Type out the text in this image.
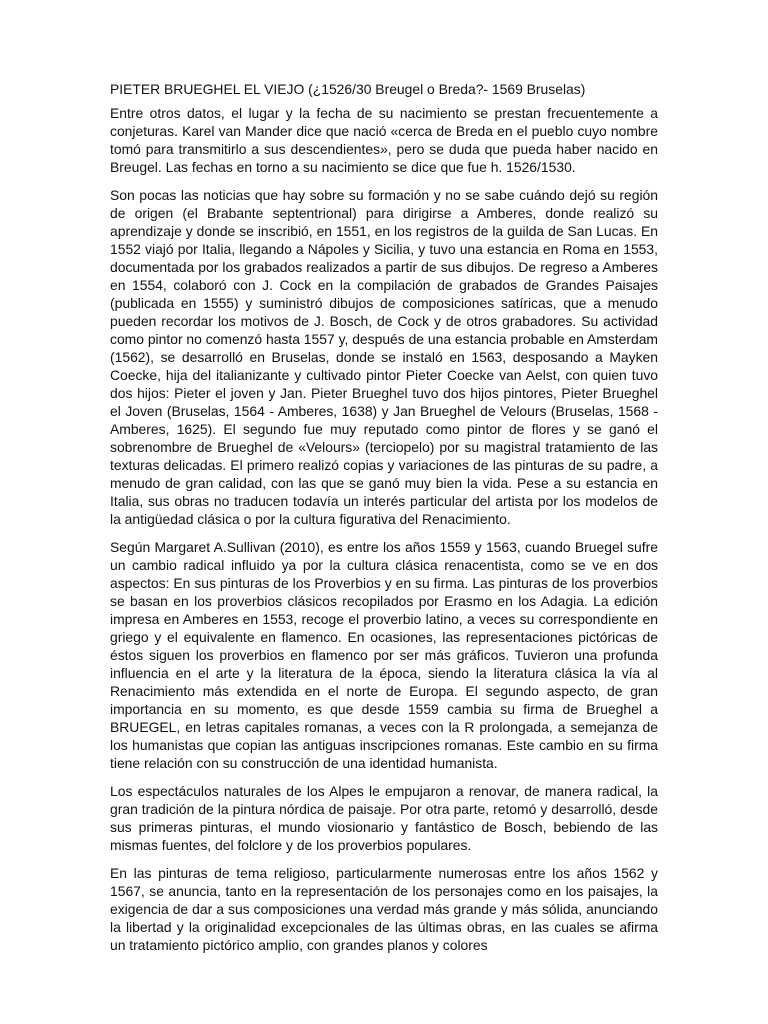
PIETER BRUEGHEL EL VIEJO (¿1526/30 Breugel o Breda?- 1569 Bruselas)

Entre otros datos, el lugar y la fecha de su nacimiento se prestan frecuentemente a conjeturas. Karel van Mander dice que nació «cerca de Breda en el pueblo cuyo nombre tomó para transmitirlo a sus descendientes», pero se duda que pueda haber nacido en Breugel. Las fechas en torno a su nacimiento se dice que fue h. 1526/1530.

Son pocas las noticias que hay sobre su formación y no se sabe cuándo dejó su región de origen (el Brabante septentrional) para dirigirse a Amberes, donde realizó su aprendizaje y donde se inscribió, en 1551, en los registros de la guilda de San Lucas. En 1552 viajó por Italia, llegando a Nápoles y Sicilia, y tuvo una estancia en Roma en 1553, documentada por los grabados realizados a partir de sus dibujos. De regreso a Amberes en 1554, colaboró con J. Cock en la compilación de grabados de Grandes Paisajes (publicada en 1555) y suministró dibujos de composiciones satíricas, que a menudo pueden recordar los motivos de J. Bosch, de Cock y de otros grabadores. Su actividad como pintor no comenzó hasta 1557 y, después de una estancia probable en Amsterdam (1562), se desarrolló en Bruselas, donde se instaló en 1563, desposando a Mayken Coecke, hija del italianizante y cultivado pintor Pieter Coecke van Aelst, con quien tuvo dos hijos: Pieter el joven y Jan. Pieter Brueghel tuvo dos hijos pintores, Pieter Brueghel el Joven (Bruselas, 1564 - Amberes, 1638) y Jan Brueghel de Velours (Bruselas, 1568 - Amberes, 1625). El segundo fue muy reputado como pintor de flores y se ganó el sobrenombre de Brueghel de «Velours» (terciopelo) por su magistral tratamiento de las texturas delicadas. El primero realizó copias y variaciones de las pinturas de su padre, a menudo de gran calidad, con las que se ganó muy bien la vida. Pese a su estancia en Italia, sus obras no traducen todavía un interés particular del artista por los modelos de la antigüedad clásica o por la cultura figurativa del Renacimiento.

Según Margaret A.Sullivan (2010), es entre los años 1559 y 1563, cuando Bruegel sufre un cambio radical influido ya por la cultura clásica renacentista, como se ve en dos aspectos: En sus pinturas de los Proverbios y en su firma. Las pinturas de los proverbios se basan en los proverbios clásicos recopilados por Erasmo en los Adagia. La edición impresa en Amberes en 1553, recoge el proverbio latino, a veces su correspondiente en griego y el equivalente en flamenco. En ocasiones, las representaciones pictóricas de éstos siguen los proverbios en flamenco por ser más gráficos. Tuvieron una profunda influencia en el arte y la literatura de la época, siendo la literatura clásica la vía al Renacimiento más extendida en el norte de Europa. El segundo aspecto, de gran importancia en su momento, es que desde 1559 cambia su firma de Brueghel a BRUEGEL, en letras capitales romanas, a veces con la R prolongada, a semejanza de los humanistas que copian las antiguas inscripciones romanas. Este cambio en su firma tiene relación con su construcción de una identidad humanista.

Los espectáculos naturales de los Alpes le empujaron a renovar, de manera radical, la gran tradición de la pintura nórdica de paisaje. Por otra parte, retomó y desarrolló, desde sus primeras pinturas, el mundo viosionario y fantástico de Bosch, bebiendo de las mismas fuentes, del folclore y de los proverbios populares.

En las pinturas de tema religioso, particularmente numerosas entre los años 1562 y 1567, se anuncia, tanto en la representación de los personajes como en los paisajes, la exigencia de dar a sus composiciones una verdad más grande y más sólida, anunciando la libertad y la originalidad excepcionales de las últimas obras, en las cuales se afirma un tratamiento pictórico amplio, con grandes planos y colores
